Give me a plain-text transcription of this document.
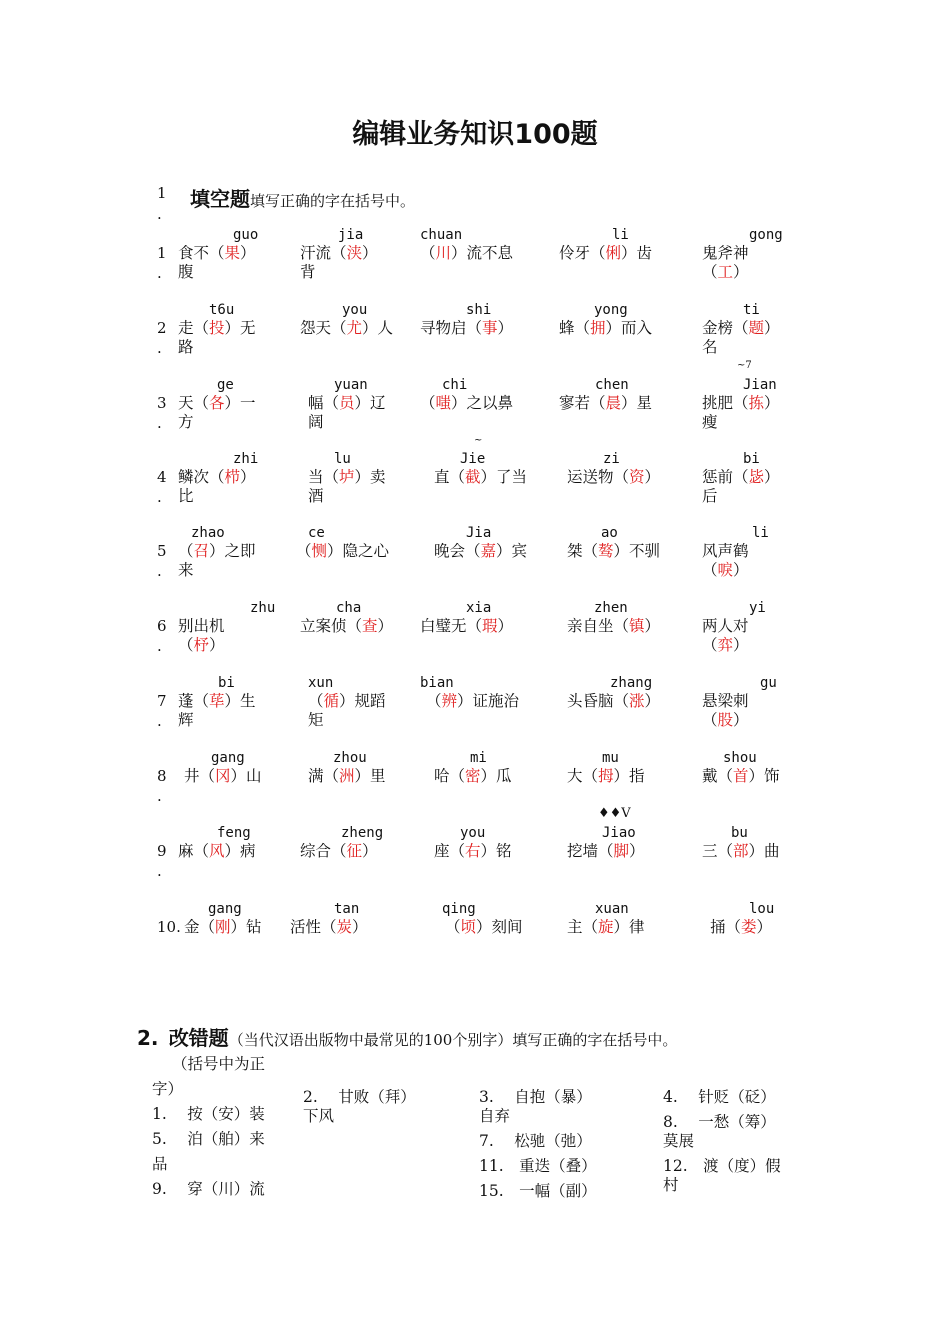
编辑业务知识100题
1
.
填空题填写正确的字在括号中。
1
.
guo
食不（果）
腹
jia
汗流（浃）
背
chuan
（川）流不息
li
伶牙（俐）齿
gong
鬼斧神
（工）
2
.
t6u
走（投）无
路
you
怨天（尤）人
shi
寻物启（事）
yong
蜂（拥）而入
ti
金榜（题）
名
3
.
ge
天（各）一
方
yuan
幅（员）辽
阔
chi
（嗤）之以鼻
chen
寥若（晨）星
Jian
挑肥（拣）
瘦
4
.
zhi
鳞次（栉）
比
lu
当（垆）卖
酒
Jie
直（截）了当
zi
运送物（资）
bi
惩前（毖）
后
5
.
zhao
（召）之即
来
ce
（恻）隐之心
Jia
晚会（嘉）宾
ao
桀（骜）不驯
li
风声鹤
（唳）
6
.
zhu
别出机
（杼）
cha
立案侦（查）
xia
白璧无（瑕）
zhen
亲自坐（镇）
yi
两人对
（弈）
7
.
bi
蓬（荜）生
辉
xun
（循）规蹈
矩
bian
（辨）证施治
zhang
头昏脑（涨）
gu
悬梁刺
（股）
8
.
gang
井（冈）山
zhou
满（洲）里
mi
哈（密）瓜
mu
大（拇）指
shou
戴（首）饰
9
.
feng
麻（风）病
zheng
综合（征）
you
座（右）铭
Jiao
挖墙（脚）
bu
三（部）曲
10.
gang
金（刚）钻
tan
活性（炭）
qing
（顷）刻间
xuan
主（旋）律
lou
捅（娄）
~7
~
♦♦V
2. 改错题（当代汉语出版物中最常见的100个别字）填写正确的字在括号中。
（括号中为正
字）
1.　 按（安）装
5.　 泊（舶）来
品
9.　 穿（川）流
2.　 甘败（拜）
下风
3.　 自抱（暴）
自弃
7.　 松驰（弛）
11.　重迭（叠）
15.　一幅（副）
4.　 针贬（砭）
8.　 一愁（筹）
莫展
12.　渡（度）假
村
